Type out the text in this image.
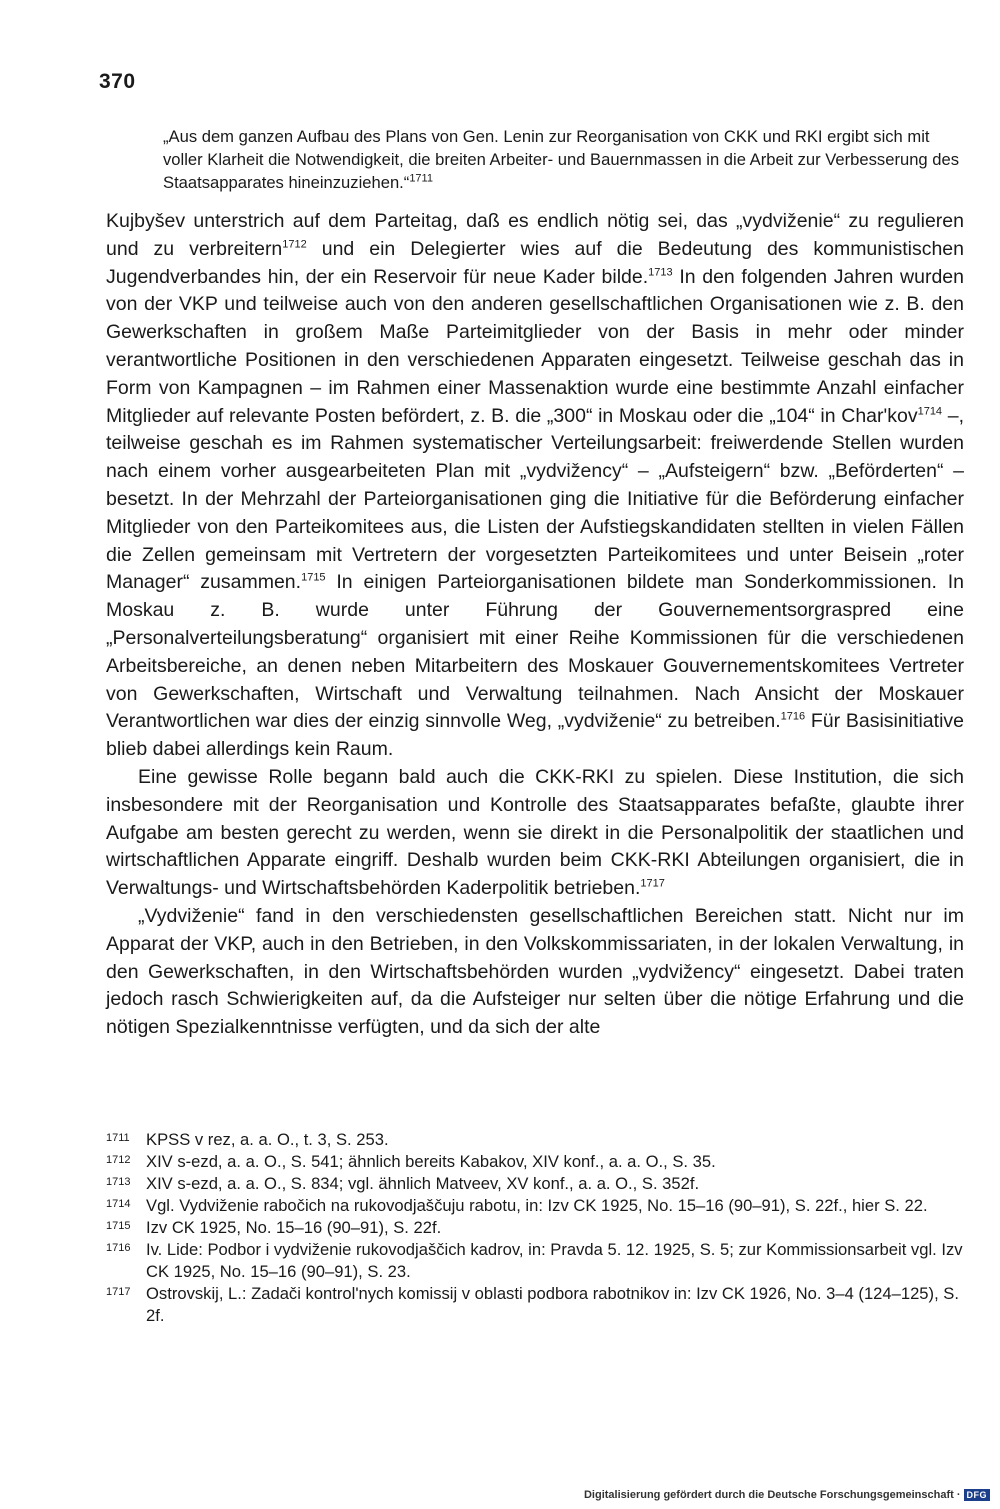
370
„Aus dem ganzen Aufbau des Plans von Gen. Lenin zur Reorganisation von CKK und RKI ergibt sich mit voller Klarheit die Notwendigkeit, die breiten Arbeiter- und Bauernmassen in die Arbeit zur Verbesserung des Staatsapparates hineinzuziehen.“$^{1711}$

Kujbyšev unterstrich auf dem Parteitag, daß es endlich nötig sei, das „vydviženie“ zu regulieren und zu verbreitern$^{1712}$ und ein Delegierter wies auf die Bedeutung des kommunistischen Jugendverbandes hin, der ein Reservoir für neue Kader bilde.$^{1713}$ In den folgenden Jahren wurden von der VKP und teilweise auch von den anderen gesellschaftlichen Organisationen wie z. B. den Gewerkschaften in großem Maße Parteimitglieder von der Basis in mehr oder minder verantwortliche Positionen in den verschiedenen Apparaten eingesetzt. Teilweise geschah das in Form von Kampagnen – im Rahmen einer Massenaktion wurde eine bestimmte Anzahl einfacher Mitglieder auf relevante Posten befördert, z. B. die „300“ in Moskau oder die „104“ in Char'kov$^{1714}$ –, teilweise geschah es im Rahmen systematischer Verteilungsarbeit: freiwerdende Stellen wurden nach einem vorher ausgearbeiteten Plan mit „vydvižency“ – „Aufsteigern“ bzw. „Beförderten“ – besetzt. In der Mehrzahl der Parteiorganisationen ging die Initiative für die Beförderung einfacher Mitglieder von den Parteikomitees aus, die Listen der Aufstiegskandidaten stellten in vielen Fällen die Zellen gemeinsam mit Vertretern der vorgesetzten Parteikomitees und unter Beisein „roter Manager“ zusammen.$^{1715}$ In einigen Parteiorganisationen bildete man Sonderkommissionen. In Moskau z. B. wurde unter Führung der Gouvernementsorgraspred eine „Personalverteilungsberatung“ organisiert mit einer Reihe Kommissionen für die verschiedenen Arbeitsbereiche, an denen neben Mitarbeitern des Moskauer Gouvernementskomitees Vertreter von Gewerkschaften, Wirtschaft und Verwaltung teilnahmen. Nach Ansicht der Moskauer Verantwortlichen war dies der einzig sinnvolle Weg, „vydviženie“ zu betreiben.$^{1716}$ Für Basisinitiative blieb dabei allerdings kein Raum.

Eine gewisse Rolle begann bald auch die CKK-RKI zu spielen. Diese Institution, die sich insbesondere mit der Reorganisation und Kontrolle des Staatsapparates befaßte, glaubte ihrer Aufgabe am besten gerecht zu werden, wenn sie direkt in die Personalpolitik der staatlichen und wirtschaftlichen Apparate eingriff. Deshalb wurden beim CKK-RKI Abteilungen organisiert, die in Verwaltungs- und Wirtschaftsbehörden Kaderpolitik betrieben.$^{1717}$

„Vydviženie“ fand in den verschiedensten gesellschaftlichen Bereichen statt. Nicht nur im Apparat der VKP, auch in den Betrieben, in den Volkskommissariaten, in der lokalen Verwaltung, in den Gewerkschaften, in den Wirtschaftsbehörden wurden „vydvižency“ eingesetzt. Dabei traten jedoch rasch Schwierigkeiten auf, da die Aufsteiger nur selten über die nötige Erfahrung und die nötigen Spezialkenntnisse verfügten, und da sich der alte

1711 KPSS v rez, a. a. O., t. 3, S. 253.
1712 XIV s-ezd, a. a. O., S. 541; ähnlich bereits Kabakov, XIV konf., a. a. O., S. 35.
1713 XIV s-ezd, a. a. O., S. 834; vgl. ähnlich Matveev, XV konf., a. a. O., S. 352f.
1714 Vgl. Vydviženie rabočich na rukovodjaščuju rabotu, in: Izv CK 1925, No. 15–16 (90–91), S. 22f., hier S. 22.
1715 Izv CK 1925, No. 15–16 (90–91), S. 22f.
1716 Iv. Lide: Podbor i vydviženie rukovodjaščich kadrov, in: Pravda 5. 12. 1925, S. 5; zur Kommissionsarbeit vgl. Izv CK 1925, No. 15–16 (90–91), S. 23.
1717 Ostrovskij, L.: Zadači kontrol'nych komissij v oblasti podbora rabotnikov in: Izv CK 1926, No. 3–4 (124–125), S. 2f.
Digitalisierung gefördert durch die Deutsche Forschungsgemeinschaft · DFG
